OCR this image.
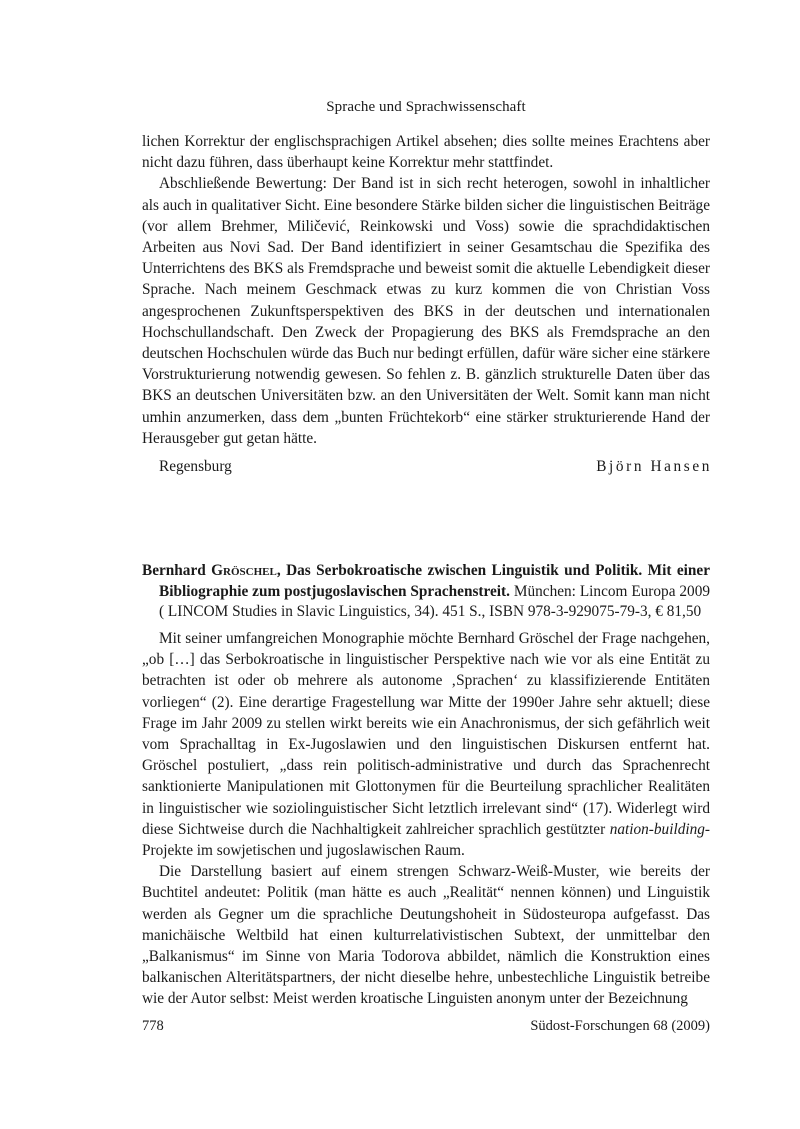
Sprache und Sprachwissenschaft

lichen Korrektur der englischsprachigen Artikel absehen; dies sollte meines Erachtens aber nicht dazu führen, dass überhaupt keine Korrektur mehr stattfindet.

Abschließende Bewertung: Der Band ist in sich recht heterogen, sowohl in inhaltlicher als auch in qualitativer Sicht. Eine besondere Stärke bilden sicher die linguistischen Beiträge (vor allem Brehmer, Miličević, Reinkowski und Voss) sowie die sprachdidaktischen Arbeiten aus Novi Sad. Der Band identifiziert in seiner Gesamtschau die Spezifika des Unterrichtens des BKS als Fremdsprache und beweist somit die aktuelle Lebendigkeit dieser Sprache. Nach meinem Geschmack etwas zu kurz kommen die von Christian Voss angesprochenen Zukunftsperspektiven des BKS in der deutschen und internationalen Hochschullandschaft. Den Zweck der Propagierung des BKS als Fremdsprache an den deutschen Hochschulen würde das Buch nur bedingt erfüllen, dafür wäre sicher eine stärkere Vorstrukturierung notwendig gewesen. So fehlen z. B. gänzlich strukturelle Daten über das BKS an deutschen Universitäten bzw. an den Universitäten der Welt. Somit kann man nicht umhin anzumerken, dass dem „bunten Früchtekorb“ eine stärker strukturierende Hand der Herausgeber gut getan hätte.

Regensburg	Björn Hansen
Bernhard Gröschel, Das Serbokroatische zwischen Linguistik und Politik. Mit einer Bibliographie zum postjugoslavischen Sprachenstreit. München: Lincom Europa 2009 ( LINCOM Studies in Slavic Linguistics, 34). 451 S., ISBN 978-3-929075-79-3, € 81,50

Mit seiner umfangreichen Monographie möchte Bernhard Gröschel der Frage nachgehen, „ob […] das Serbokroatische in linguistischer Perspektive nach wie vor als eine Entität zu betrachten ist oder ob mehrere als autonome ‚Sprachen‘ zu klassifizierende Entitäten vorliegen“ (2). Eine derartige Fragestellung war Mitte der 1990er Jahre sehr aktuell; diese Frage im Jahr 2009 zu stellen wirkt bereits wie ein Anachronismus, der sich gefährlich weit vom Sprachalltag in Ex-Jugoslawien und den linguistischen Diskursen entfernt hat. Gröschel postuliert, „dass rein politisch-administrative und durch das Sprachenrecht sanktionierte Manipulationen mit Glottonymen für die Beurteilung sprachlicher Realitäten in linguistischer wie soziolinguistischer Sicht letztlich irrelevant sind“ (17). Widerlegt wird diese Sichtweise durch die Nachhaltigkeit zahlreicher sprachlich gestützter nation-building-Projekte im sowjetischen und jugoslawischen Raum.

Die Darstellung basiert auf einem strengen Schwarz-Weiß-Muster, wie bereits der Buchtitel andeutet: Politik (man hätte es auch „Realität“ nennen können) und Linguistik werden als Gegner um die sprachliche Deutungshoheit in Südosteuropa aufgefasst. Das manichäische Weltbild hat einen kulturrelativistischen Subtext, der unmittelbar den „Balkanismus“ im Sinne von Maria Todorova abbildet, nämlich die Konstruktion eines balkanischen Alteritätspartners, der nicht dieselbe hehre, unbestechliche Linguistik betreibe wie der Autor selbst: Meist werden kroatische Linguisten anonym unter der Bezeichnung

778	Südost-Forschungen 68 (2009)
